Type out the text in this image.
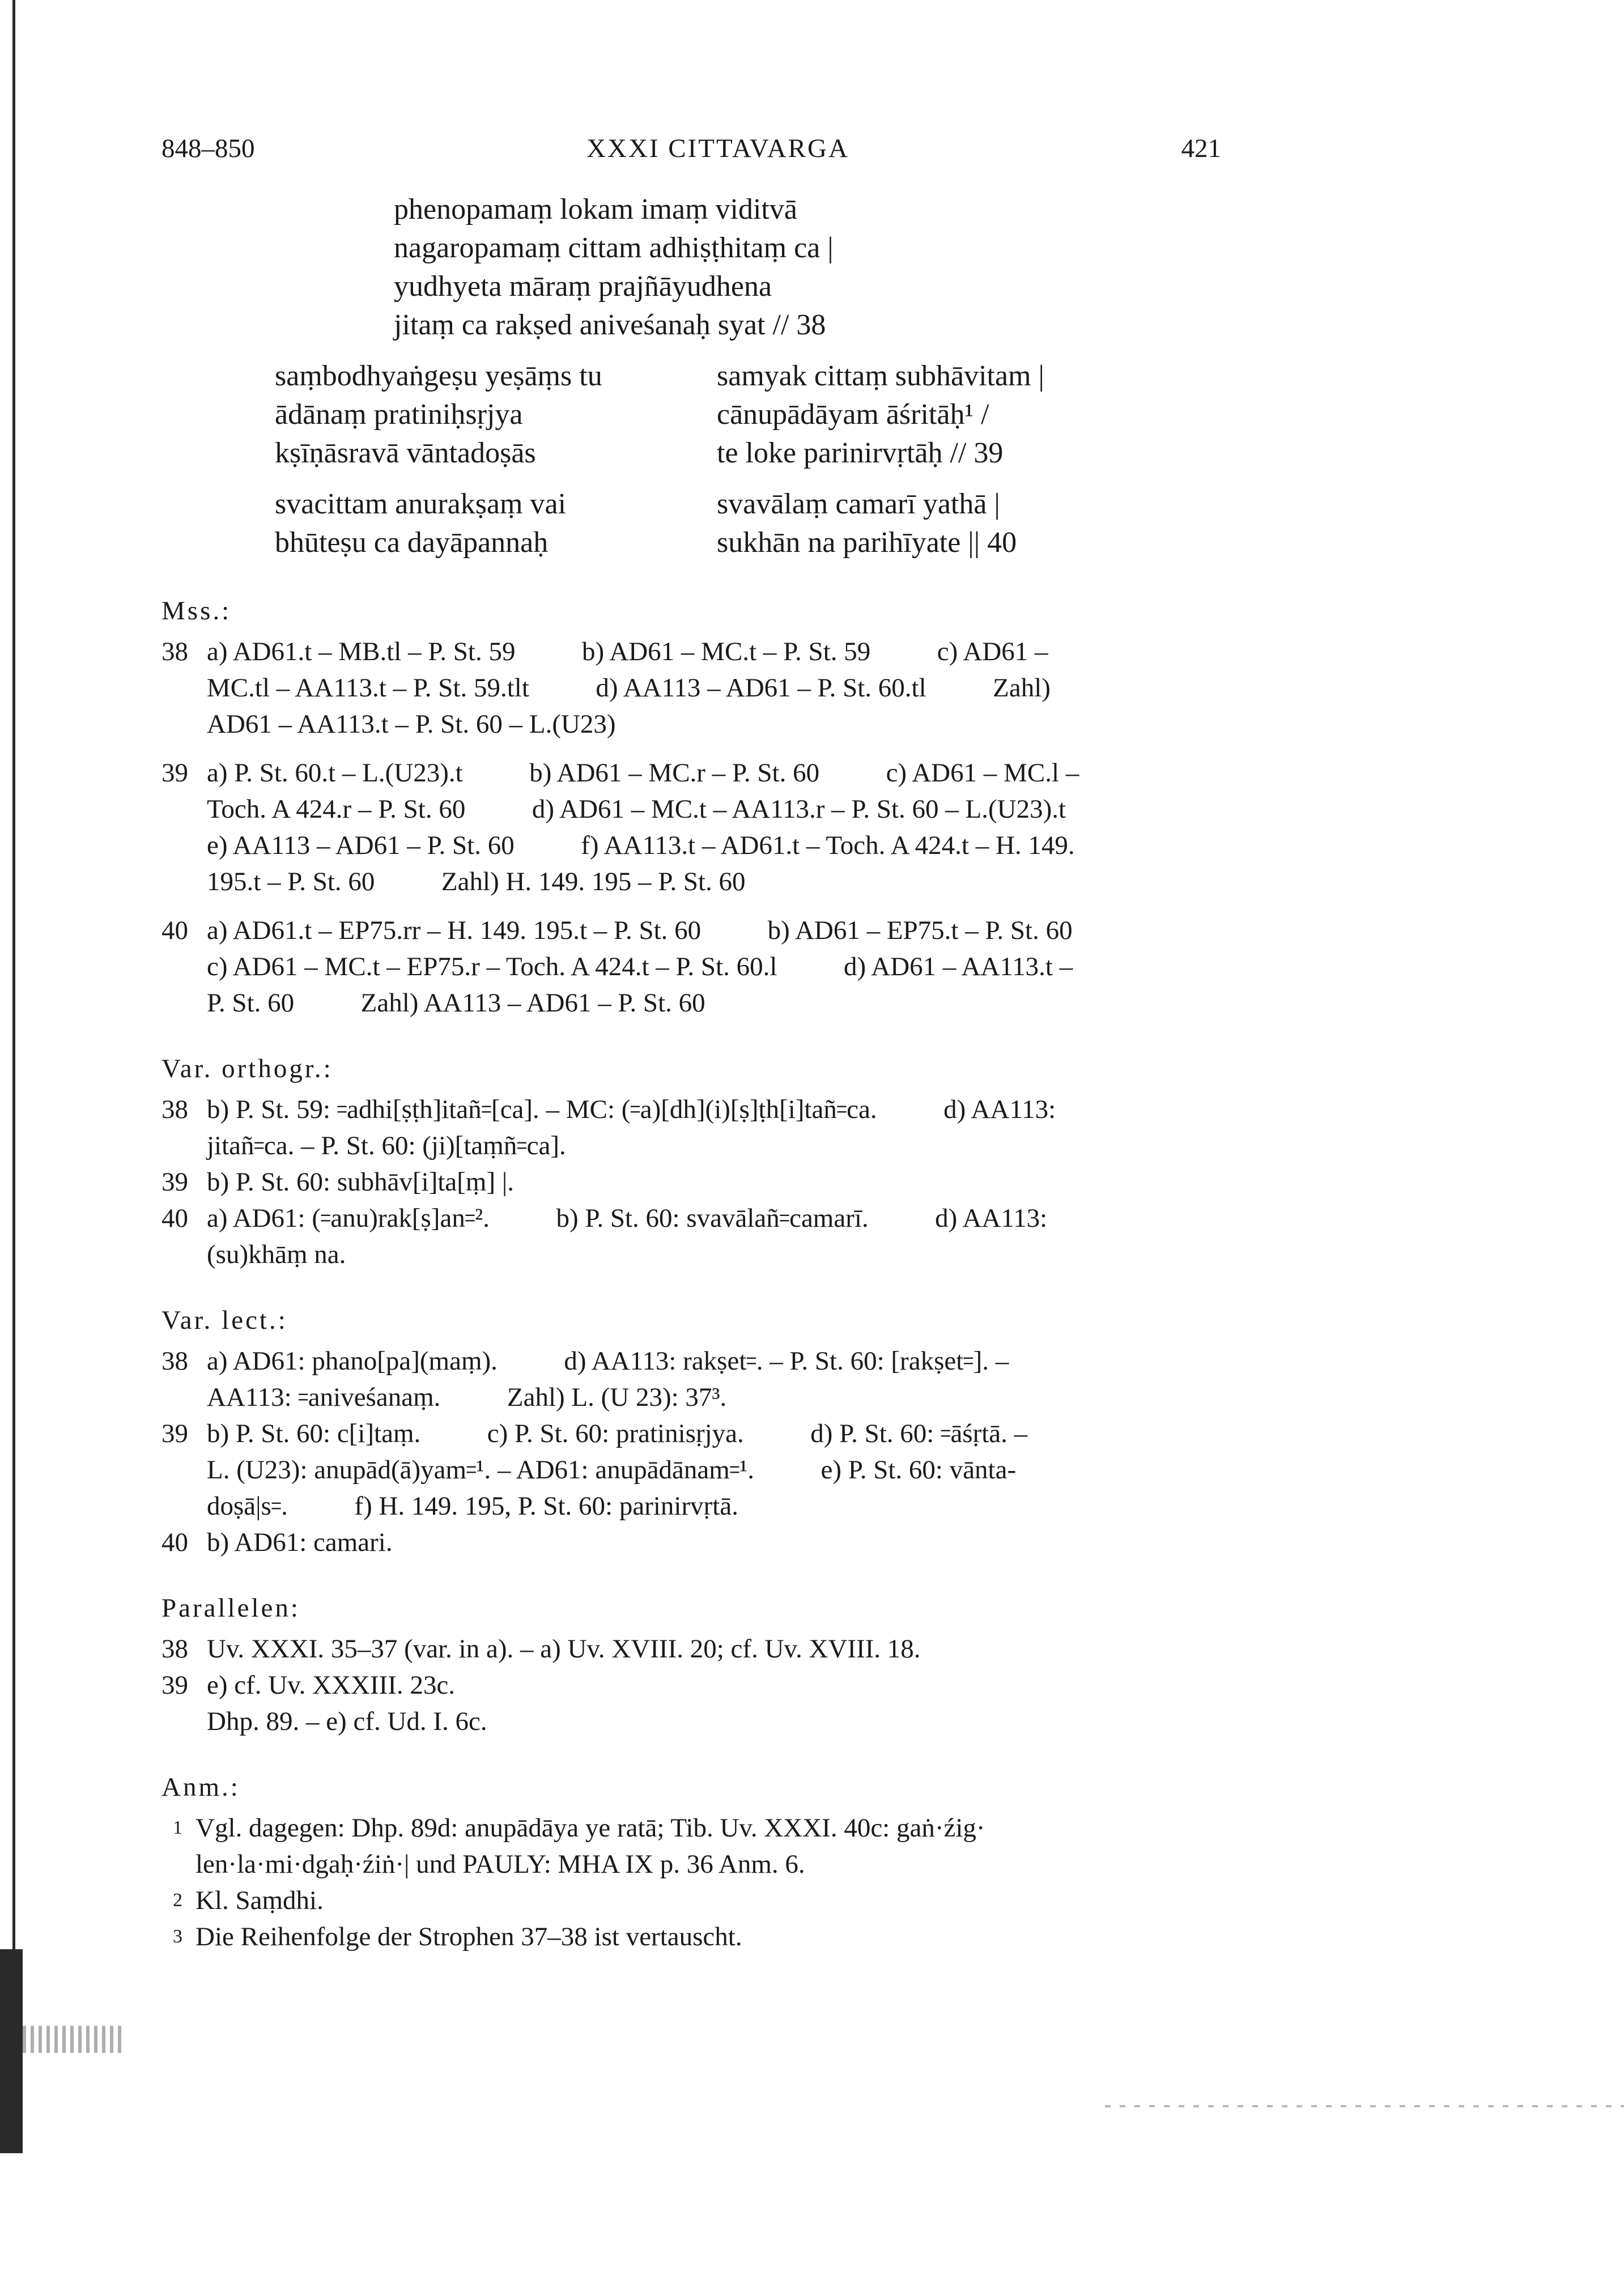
848–850	XXXI CITTAVARGA	421
phenopamaṃ lokam imaṃ viditvā
nagaropamaṃ cittam adhiṣṭhitaṃ ca |
yudhyeta māraṃ prajñāyudhena
jitaṃ ca rakṣed aniveśanaḥ syat // 38
saṃbodhyaṅgeṣu yeṣāṃs tu	samyak cittaṃ subhāvitam |
ādānaṃ pratiniḥsṛjya	cānupādāyam āśritāḥ¹ /
kṣīṇāsravā vāntadoṣās	te loke parinirvṛtāḥ // 39
svacittam anurakṣaṃ vai	svavālaṃ camarī yathā |
bhūteṣu ca dayāpannaḥ	sukhān na parihīyate || 40
Mss.:
38 a) AD61.t – MB.tl – P. St. 59          b) AD61 – MC.t – P. St. 59          c) AD61 –
MC.tl – AA113.t – P. St. 59.tlt          d) AA113 – AD61 – P. St. 60.tl          Zahl)
AD61 – AA113.t – P. St. 60 – L.(U23)
39 a) P. St. 60.t – L.(U23).t          b) AD61 – MC.r – P. St. 60          c) AD61 – MC.l –
Toch. A 424.r – P. St. 60          d) AD61 – MC.t – AA113.r – P. St. 60 – L.(U23).t
e) AA113 – AD61 – P. St. 60          f) AA113.t – AD61.t – Toch. A 424.t – H. 149.
195.t – P. St. 60          Zahl) H. 149. 195 – P. St. 60
40 a) AD61.t – EP75.rr – H. 149. 195.t – P. St. 60          b) AD61 – EP75.t – P. St. 60
c) AD61 – MC.t – EP75.r – Toch. A 424.t – P. St. 60.l          d) AD61 – AA113.t –
P. St. 60          Zahl) AA113 – AD61 – P. St. 60
Var. orthogr.:
38 b) P. St. 59: ꞊adhi[ṣṭh]itañ꞊[ca]. – MC: (꞊a)[dh](i)[ṣ]ṭh[i]tañ꞊ca.          d) AA113:
jitañ꞊ca. – P. St. 60: (ji)[taṃñ꞊ca].
39 b) P. St. 60: subhāv[i]ta[ṃ] |.
40 a) AD61: (꞊anu)rak[ṣ]an꞊².          b) P. St. 60: svavālañ꞊camarī.          d) AA113:
(su)khāṃ na.
Var. lect.:
38 a) AD61: phano[pa](maṃ).          d) AA113: rakṣet꞊. – P. St. 60: [rakṣet꞊]. –
AA113: ꞊aniveśanaṃ.          Zahl) L. (U 23): 37³.
39 b) P. St. 60: c[i]taṃ.          c) P. St. 60: pratinisṛjya.          d) P. St. 60: ꞊āśṛtā. –
L. (U23): anupād(ā)yam꞊¹. – AD61: anupādānam꞊¹.          e) P. St. 60: vānta-
doṣā|s꞊.          f) H. 149. 195, P. St. 60: parinirvṛtā.
40 b) AD61: camari.
Parallelen:
38 Uv. XXXI. 35–37 (var. in a). – a) Uv. XVIII. 20; cf. Uv. XVIII. 18.
39 e) cf. Uv. XXXIII. 23c.
Dhp. 89. – e) cf. Ud. I. 6c.
Anm.:
1 Vgl. dagegen: Dhp. 89d: anupādāya ye ratā; Tib. Uv. XXXI. 40c: gaṅ·źig·
len·la·mi·dgaḥ·źiṅ·| und PAULY: MHA IX p. 36 Anm. 6.
2 Kl. Saṃdhi.
3 Die Reihenfolge der Strophen 37–38 ist vertauscht.
